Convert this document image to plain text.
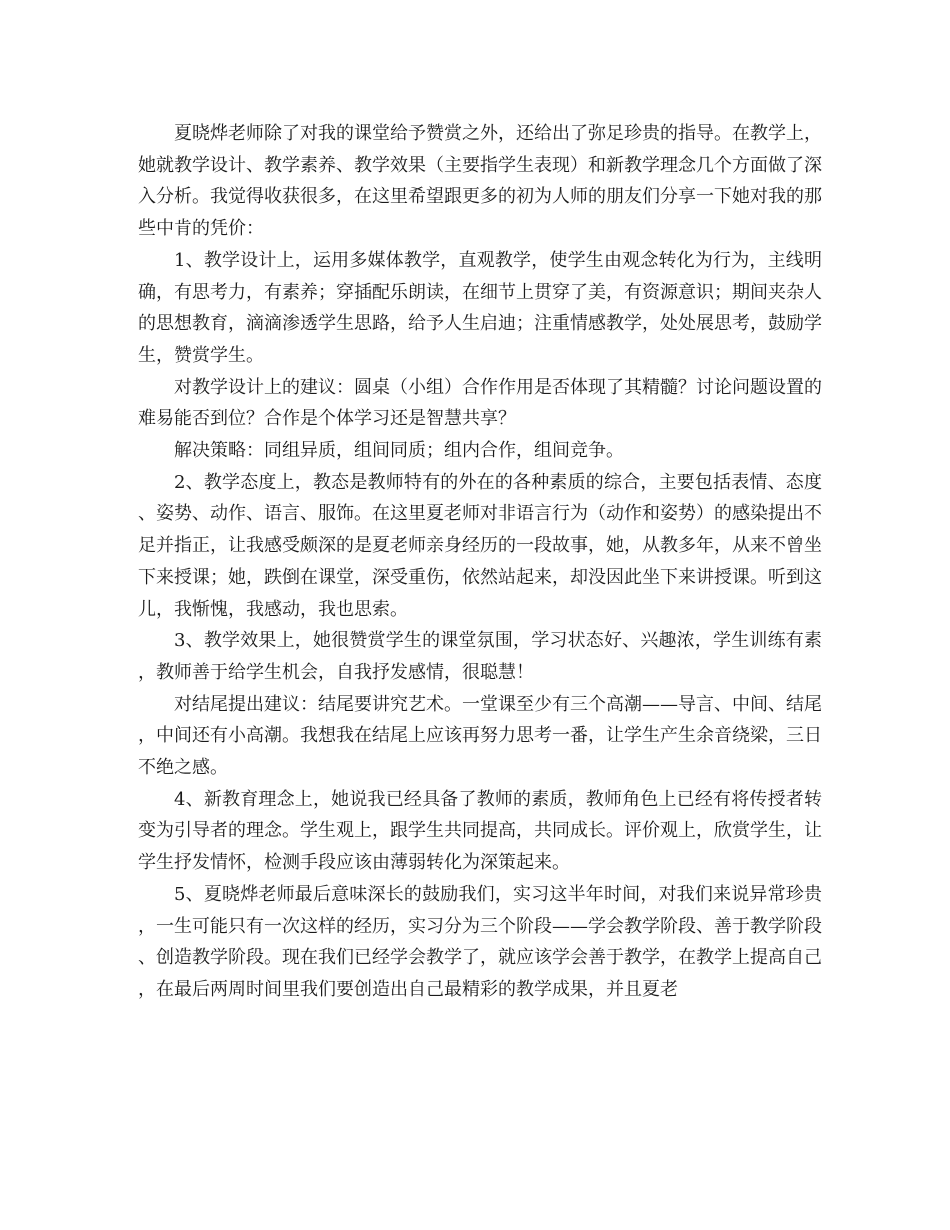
夏晓烨老师除了对我的课堂给予赞赏之外，还给出了弥足珍贵的指导。在教学上，她就教学设计、教学素养、教学效果（主要指学生表现）和新教学理念几个方面做了深入分析。我觉得收获很多，在这里希望跟更多的初为人师的朋友们分享一下她对我的那些中肯的凭价：

1、教学设计上，运用多媒体教学，直观教学，使学生由观念转化为行为，主线明确，有思考力，有素养；穿插配乐朗读，在细节上贯穿了美，有资源意识；期间夹杂人的思想教育，滴滴渗透学生思路，给予人生启迪；注重情感教学，处处展思考，鼓励学生，赞赏学生。

对教学设计上的建议：圆桌（小组）合作作用是否体现了其精髓？讨论问题设置的难易能否到位？合作是个体学习还是智慧共享？

解决策略：同组异质，组间同质；组内合作，组间竞争。

2、教学态度上，教态是教师特有的外在的各种素质的综合，主要包括表情、态度、姿势、动作、语言、服饰。在这里夏老师对非语言行为（动作和姿势）的感染提出不足并指正，让我感受颇深的是夏老师亲身经历的一段故事，她，从教多年，从来不曾坐下来授课；她，跌倒在课堂，深受重伤，依然站起来，却没因此坐下来讲授课。听到这儿，我惭愧，我感动，我也思索。

3、教学效果上，她很赞赏学生的课堂氛围，学习状态好、兴趣浓，学生训练有素，教师善于给学生机会，自我抒发感情，很聪慧！

对结尾提出建议：结尾要讲究艺术。一堂课至少有三个高潮——导言、中间、结尾，中间还有小高潮。我想我在结尾上应该再努力思考一番，让学生产生余音绕梁，三日不绝之感。

4、新教育理念上，她说我已经具备了教师的素质，教师角色上已经有将传授者转变为引导者的理念。学生观上，跟学生共同提高，共同成长。评价观上，欣赏学生，让学生抒发情怀，检测手段应该由薄弱转化为深策起来。

5、夏晓烨老师最后意味深长的鼓励我们，实习这半年时间，对我们来说异常珍贵，一生可能只有一次这样的经历，实习分为三个阶段——学会教学阶段、善于教学阶段、创造教学阶段。现在我们已经学会教学了，就应该学会善于教学，在教学上提高自己，在最后两周时间里我们要创造出自己最精彩的教学成果，并且夏老
